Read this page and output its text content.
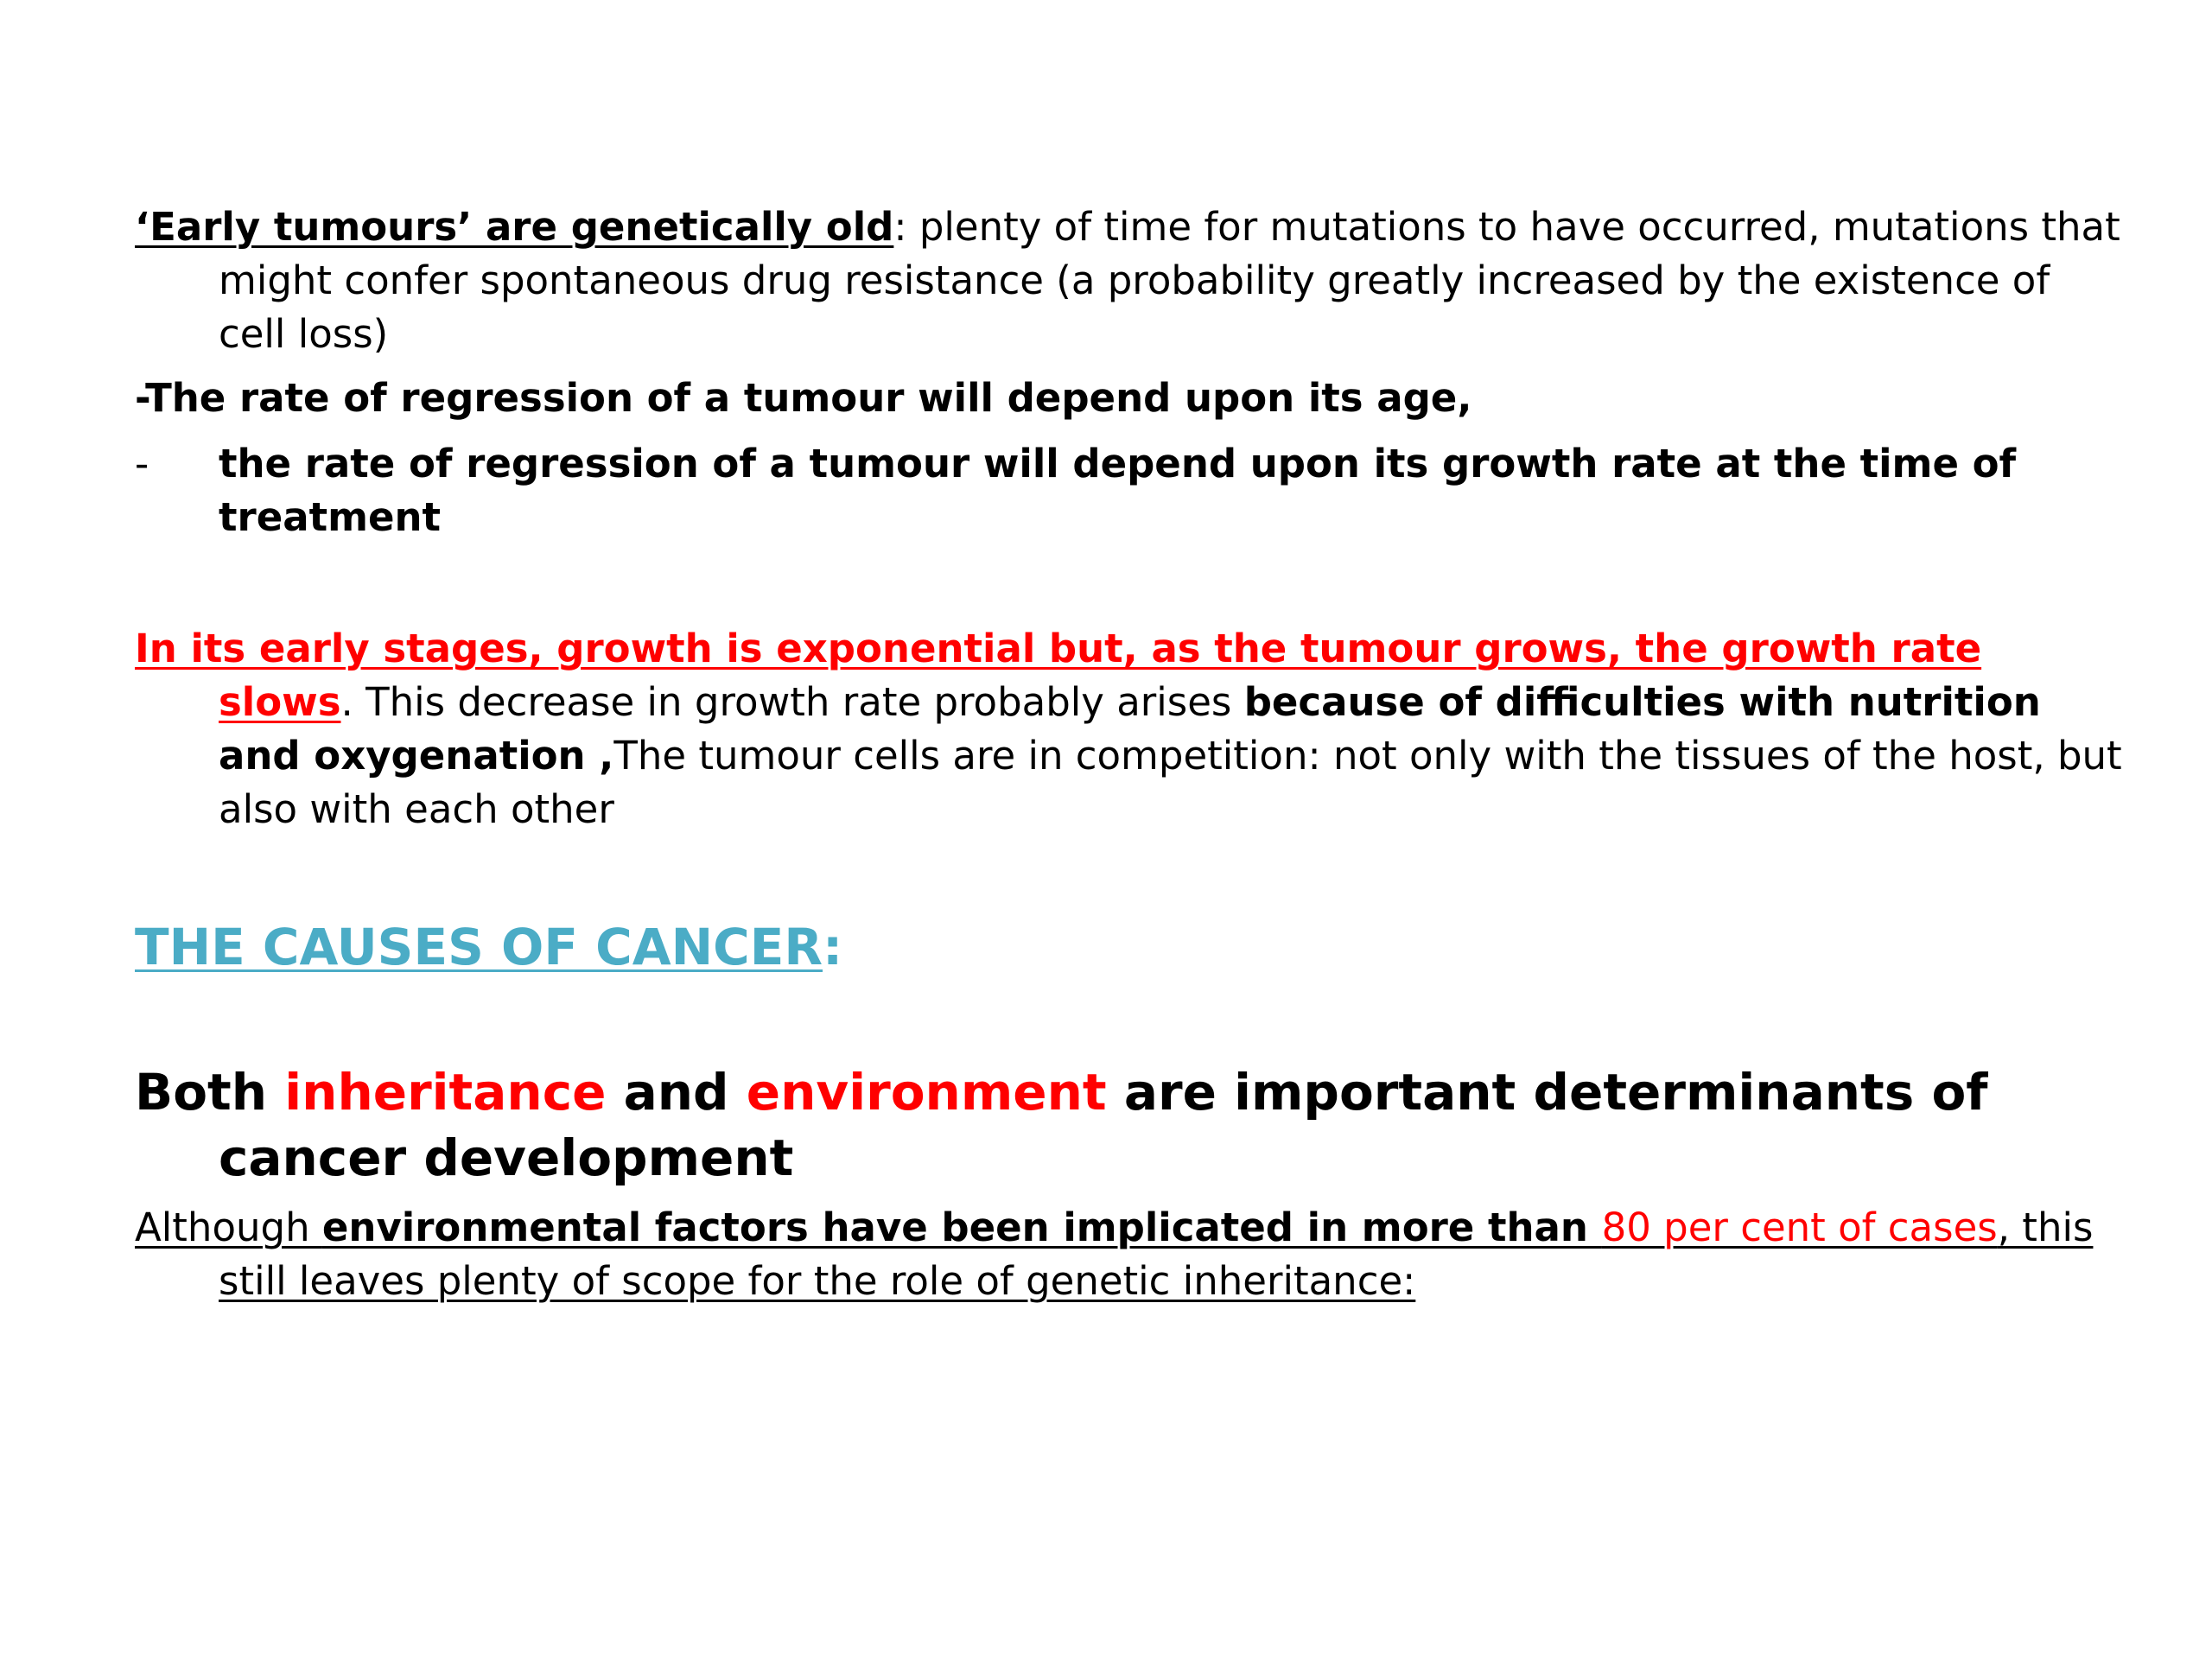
‘Early tumours’ are genetically old: plenty of time for mutations to have occurred, mutations that might confer spontaneous drug resistance (a probability greatly increased by the existence of cell loss)

-The rate of regression of a tumour will depend upon its age,

-	the rate of regression of a tumour will depend upon its growth rate at the time of treatment

In its early stages, growth is exponential but, as the tumour grows, the growth rate slows. This decrease in growth rate probably arises because of difficulties with nutrition and oxygenation ,The tumour cells are in competition: not only with the tissues of the host, but also with each other

THE CAUSES OF CANCER:

Both inheritance and environment are important determinants of cancer development

Although environmental factors have been implicated in more than 80 per cent of cases, this still leaves plenty of scope for the role of genetic inheritance:
